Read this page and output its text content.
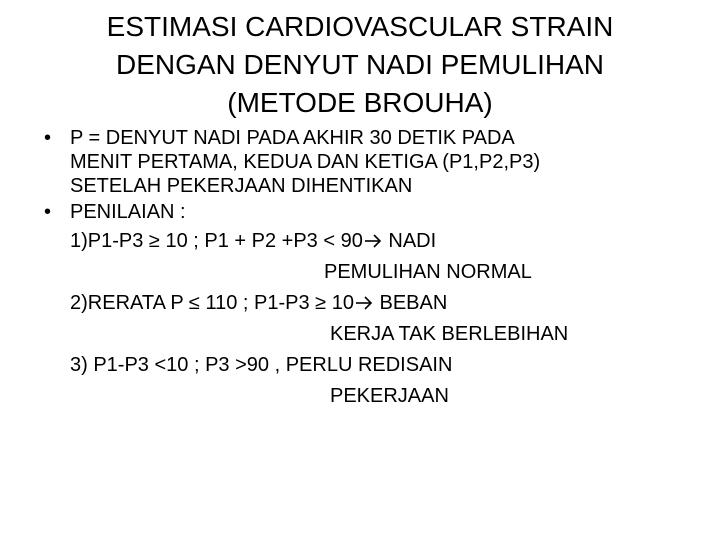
ESTIMASI CARDIOVASCULAR STRAIN
DENGAN DENYUT NADI PEMULIHAN
(METODE BROUHA)
• P = DENYUT NADI PADA AKHIR 30 DETIK PADA
MENIT PERTAMA, KEDUA DAN KETIGA (P1,P2,P3)
SETELAH PEKERJAAN DIHENTIKAN
• PENILAIAN :
1)P1-P3 ≥ 10 ; P1 + P2 +P3 < 90 NADI
PEMULIHAN NORMAL
2)RERATA P ≤ 110 ; P1-P3 ≥ 10 BEBAN
KERJA TAK BERLEBIHAN
3) P1-P3 <10 ; P3 >90 , PERLU REDISAIN
PEKERJAAN
